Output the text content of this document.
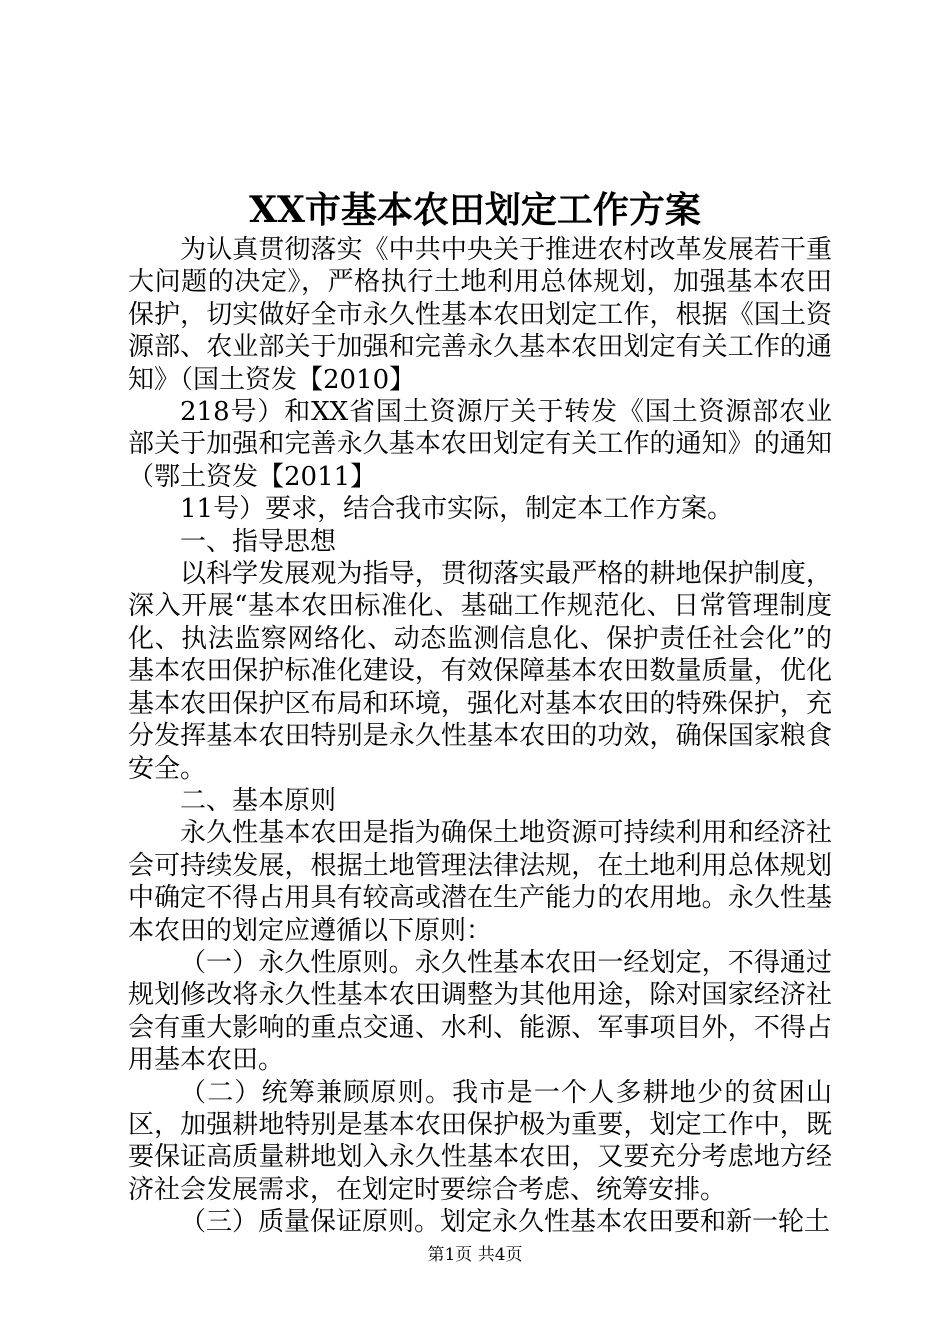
XX市基本农田划定工作方案

为认真贯彻落实《中共中央关于推进农村改革发展若干重大问题的决定》，严格执行土地利用总体规划，加强基本农田保护，切实做好全市永久性基本农田划定工作，根据《国土资源部、农业部关于加强和完善永久基本农田划定有关工作的通知》（国土资发【2010】

218号）和XX省国土资源厅关于转发《国土资源部农业部关于加强和完善永久基本农田划定有关工作的通知》的通知（鄂土资发【2011】

11号）要求，结合我市实际，制定本工作方案。

一、指导思想

以科学发展观为指导，贯彻落实最严格的耕地保护制度，深入开展“基本农田标准化、基础工作规范化、日常管理制度化、执法监察网络化、动态监测信息化、保护责任社会化”的基本农田保护标准化建设，有效保障基本农田数量质量，优化基本农田保护区布局和环境，强化对基本农田的特殊保护，充分发挥基本农田特别是永久性基本农田的功效，确保国家粮食安全。

二、基本原则

永久性基本农田是指为确保土地资源可持续利用和经济社会可持续发展，根据土地管理法律法规，在土地利用总体规划中确定不得占用具有较高或潜在生产能力的农用地。永久性基本农田的划定应遵循以下原则：

（一）永久性原则。永久性基本农田一经划定，不得通过规划修改将永久性基本农田调整为其他用途，除对国家经济社会有重大影响的重点交通、水利、能源、军事项目外，不得占用基本农田。

（二）统筹兼顾原则。我市是一个人多耕地少的贫困山区，加强耕地特别是基本农田保护极为重要，划定工作中，既要保证高质量耕地划入永久性基本农田，又要充分考虑地方经济社会发展需求，在划定时要综合考虑、统筹安排。

（三）质量保证原则。划定永久性基本农田要和新一轮土

第1页 共4页
